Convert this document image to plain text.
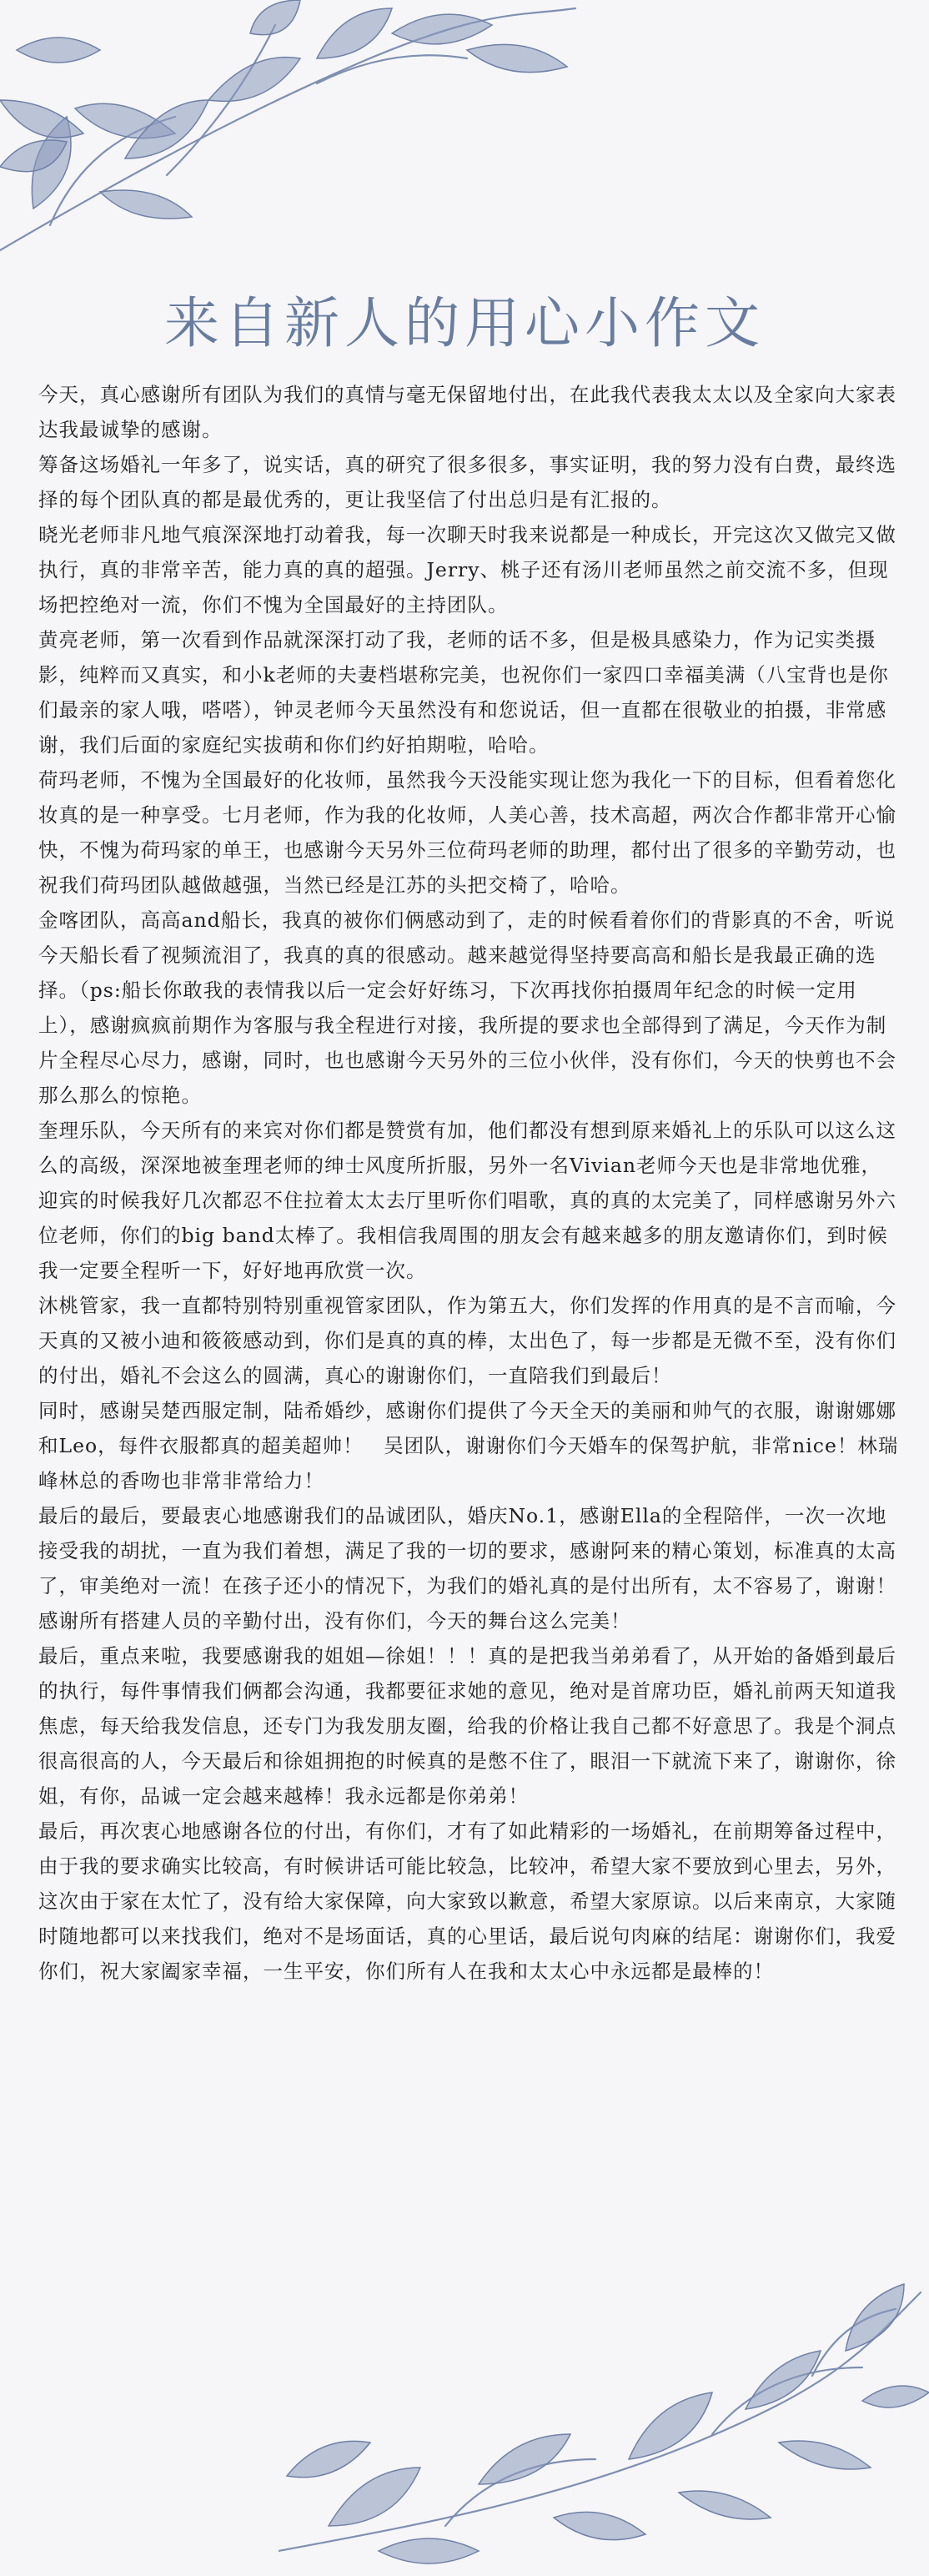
来自新人的用心小作文

今天，真心感谢所有团队为我们的真情与毫无保留地付出，在此我代表我太太以及全家向大家表达我最诚挚的感谢。

筹备这场婚礼一年多了，说实话，真的研究了很多很多，事实证明，我的努力没有白费，最终选择的每个团队真的都是最优秀的，更让我坚信了付出总归是有汇报的。

晓光老师非凡地气痕深深地打动着我，每一次聊天时我来说都是一种成长，开完这次又做完又做执行，真的非常辛苦，能力真的真的超强。Jerry、桃子还有汤川老师虽然之前交流不多，但现场把控绝对一流，你们不愧为全国最好的主持团队。

黄亮老师，第一次看到作品就深深打动了我，老师的话不多，但是极具感染力，作为记实类摄影，纯粹而又真实，和小k老师的夫妻档堪称完美，也祝你们一家四口幸福美满（八宝背也是你们最亲的家人哦，嗒嗒），钟灵老师今天虽然没有和您说话，但一直都在很敬业的拍摄，非常感谢，我们后面的家庭纪实拔萌和你们约好拍期啦，哈哈。

荷玛老师，不愧为全国最好的化妆师，虽然我今天没能实现让您为我化一下的目标，但看着您化妆真的是一种享受。七月老师，作为我的化妆师，人美心善，技术高超，两次合作都非常开心愉快，不愧为荷玛家的单王，也感谢今天另外三位荷玛老师的助理，都付出了很多的辛勤劳动，也祝我们荷玛团队越做越强，当然已经是江苏的头把交椅了，哈哈。

金喀团队，高高and船长，我真的被你们俩感动到了，走的时候看着你们的背影真的不舍，听说今天船长看了视频流泪了，我真的真的很感动。越来越觉得坚持要高高和船长是我最正确的选择。（ps:船长你敢我的表情我以后一定会好好练习，下次再找你拍摄周年纪念的时候一定用上），感谢疯疯前期作为客服与我全程进行对接，我所提的要求也全部得到了满足，今天作为制片全程尽心尽力，感谢，同时，也也感谢今天另外的三位小伙伴，没有你们，今天的快剪也不会那么那么的惊艳。

奎理乐队，今天所有的来宾对你们都是赞赏有加，他们都没有想到原来婚礼上的乐队可以这么这么的高级，深深地被奎理老师的绅士风度所折服，另外一名Vivian老师今天也是非常地优雅，迎宾的时候我好几次都忍不住拉着太太去厅里听你们唱歌，真的真的太完美了，同样感谢另外六位老师，你们的big band太棒了。我相信我周围的朋友会有越来越多的朋友邀请你们，到时候我一定要全程听一下，好好地再欣赏一次。

沐桃管家，我一直都特别特别重视管家团队，作为第五大，你们发挥的作用真的是不言而喻，今天真的又被小迪和筱筱感动到，你们是真的真的棒，太出色了，每一步都是无微不至，没有你们的付出，婚礼不会这么的圆满，真心的谢谢你们，一直陪我们到最后！

同时，感谢吴楚西服定制，陆希婚纱，感谢你们提供了今天全天的美丽和帅气的衣服，谢谢娜娜和Leo，每件衣服都真的超美超帅！　吴团队，谢谢你们今天婚车的保驾护航，非常nice！林瑞峰林总的香吻也非常非常给力！

最后的最后，要最衷心地感谢我们的品诚团队，婚庆No.1，感谢Ella的全程陪伴，一次一次地接受我的胡扰，一直为我们着想，满足了我的一切的要求，感谢阿来的精心策划，标准真的太高了，审美绝对一流！在孩子还小的情况下，为我们的婚礼真的是付出所有，太不容易了，谢谢！感谢所有搭建人员的辛勤付出，没有你们，今天的舞台这么完美！

最后，重点来啦，我要感谢我的姐姐—徐姐！！！真的是把我当弟弟看了，从开始的备婚到最后的执行，每件事情我们俩都会沟通，我都要征求她的意见，绝对是首席功臣，婚礼前两天知道我焦虑，每天给我发信息，还专门为我发朋友圈，给我的价格让我自己都不好意思了。我是个洞点很高很高的人，今天最后和徐姐拥抱的时候真的是憋不住了，眼泪一下就流下来了，谢谢你，徐姐，有你，品诚一定会越来越棒！我永远都是你弟弟！

最后，再次衷心地感谢各位的付出，有你们，才有了如此精彩的一场婚礼，在前期筹备过程中，由于我的要求确实比较高，有时候讲话可能比较急，比较冲，希望大家不要放到心里去，另外，这次由于家在太忙了，没有给大家保障，向大家致以歉意，希望大家原谅。以后来南京，大家随时随地都可以来找我们，绝对不是场面话，真的心里话，最后说句肉麻的结尾：谢谢你们，我爱你们，祝大家阖家幸福，一生平安，你们所有人在我和太太心中永远都是最棒的！
